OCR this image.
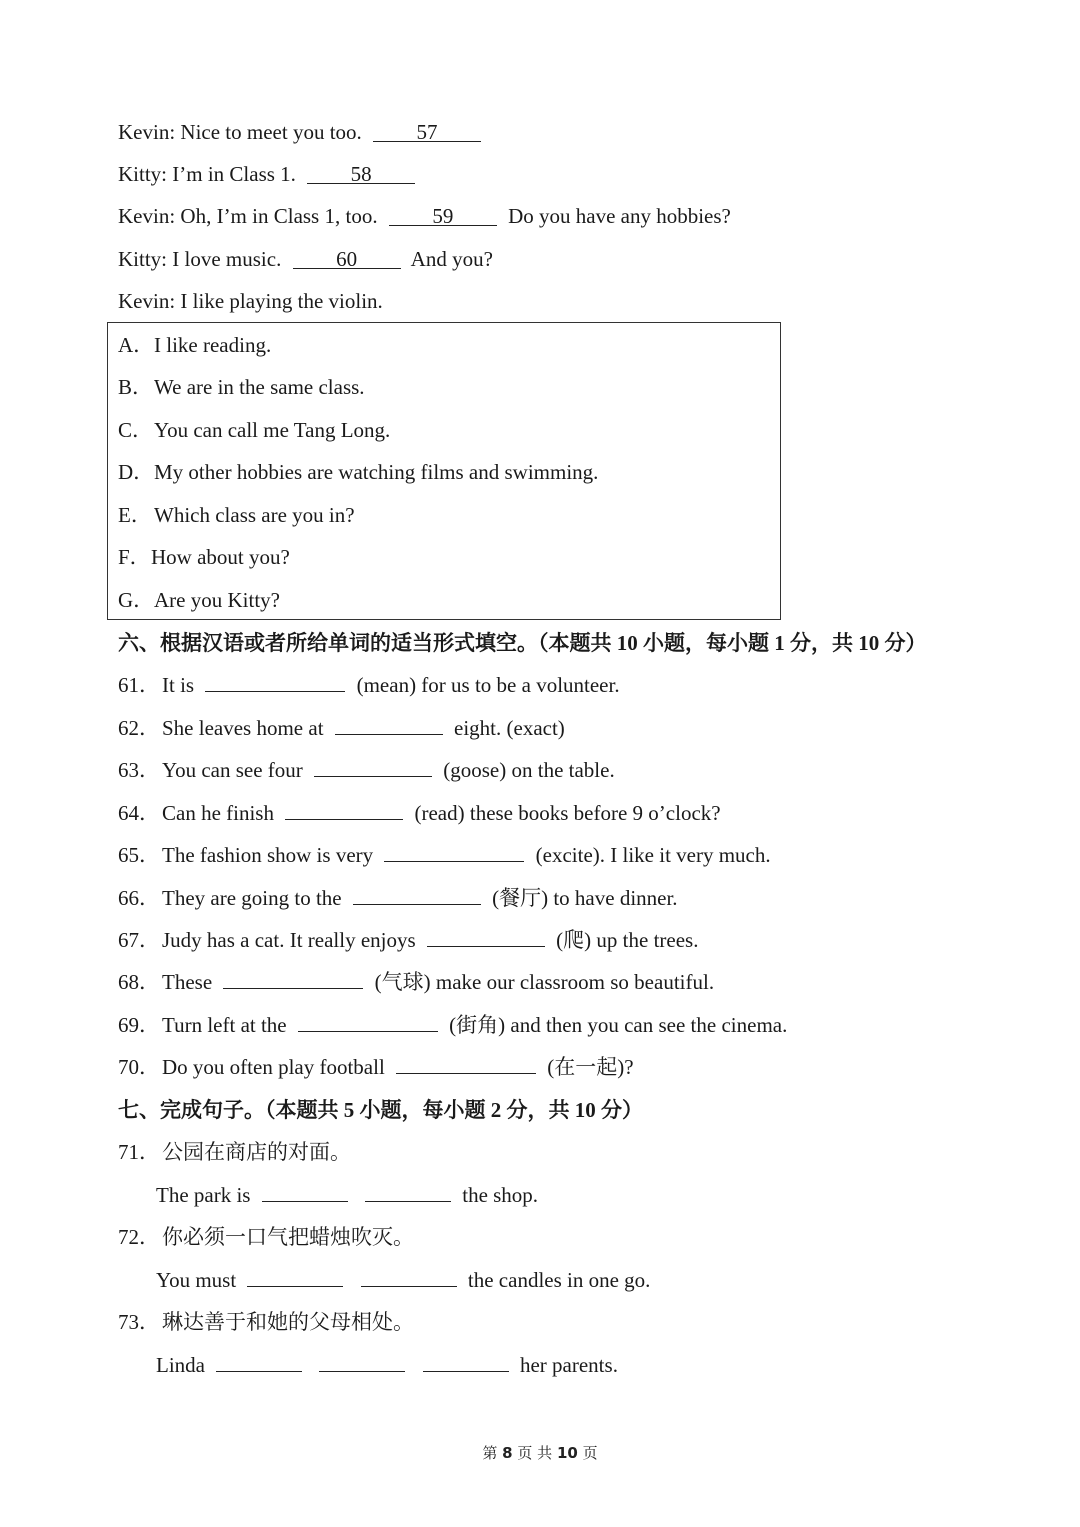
Kevin: Nice to meet you too.	57
Kitty: I’m in Class 1.	58
Kevin: Oh, I’m in Class 1, too.	59	Do you have any hobbies?
Kitty: I love music.	60	And you?
Kevin: I like playing the violin.
A．I like reading.
B．We are in the same class.
C．You can call me Tang Long.
D．My other hobbies are watching films and swimming.
E． Which class are you in?
F．How about you?
G．Are you Kitty?
六、根据汉语或者所给单词的适当形式填空。（本题共 10 小题，每小题 1 分，共 10 分）
61．It is	(mean) for us to be a volunteer.
62．She leaves home at	eight. (exact)
63．You can see four	(goose) on the table.
64．Can he finish	(read) these books before 9 o’clock?
65．The fashion show is very	(excite). I like it very much.
66．They are going to the	(餐厅) to have dinner.
67．Judy has a cat. It really enjoys	(爬) up the trees.
68．These	(气球) make our classroom so beautiful.
69．Turn left at the	(街角) and then you can see the cinema.
70．Do you often play football	(在一起)?
七、完成句子。（本题共 5 小题，每小题 2 分，共 10 分）
71．公园在商店的对面。
The park is	the shop.
72．你必须一口气把蜡烛吹灭。
You must	the candles in one go.
73．琳达善于和她的父母相处。
Linda	her parents.
第 8 页 共 10 页
